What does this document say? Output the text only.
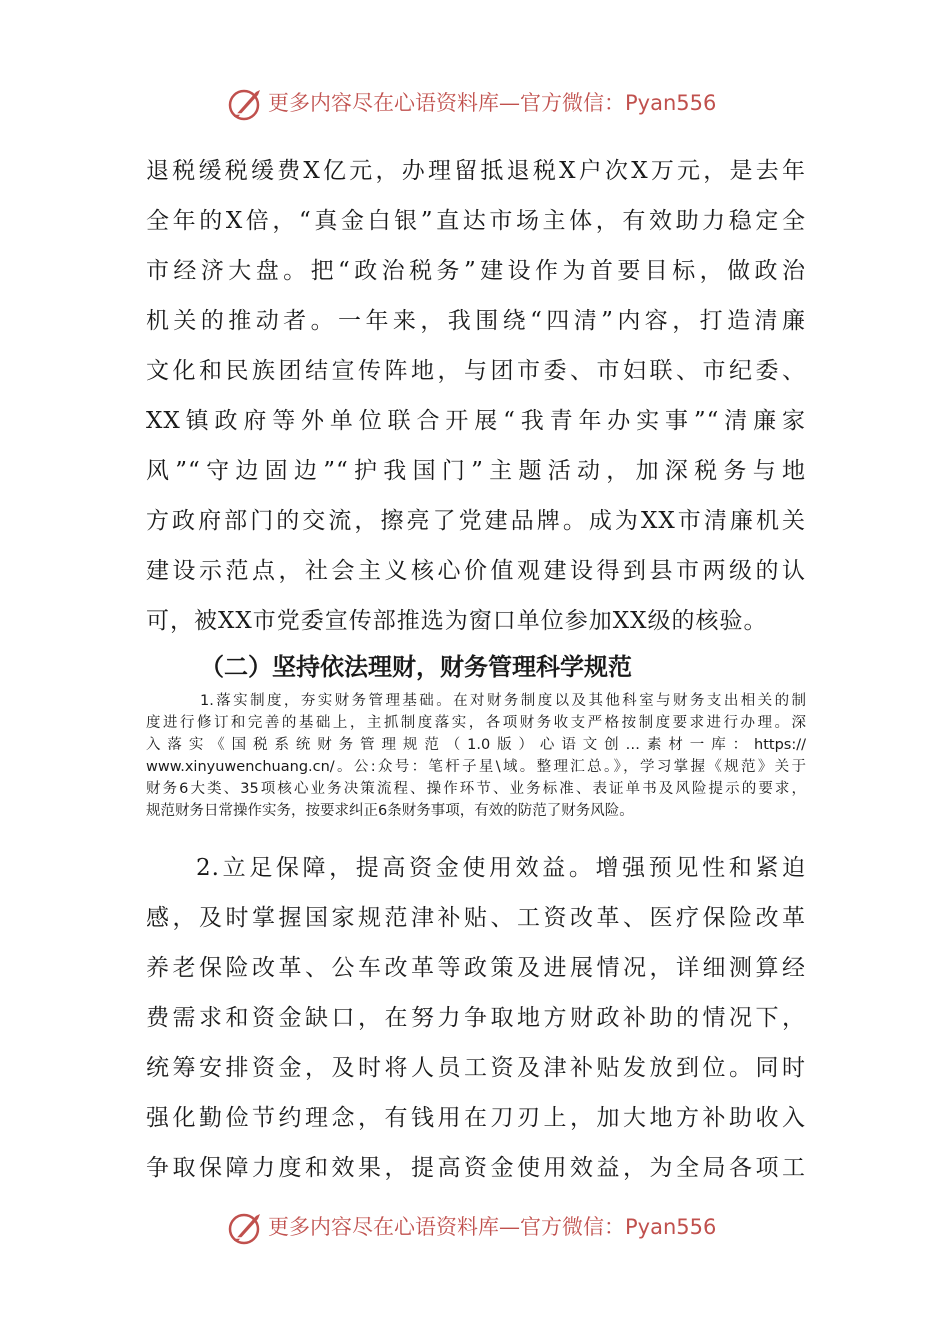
更多内容尽在心语资料库—官方微信：Pyan556
退税缓税缓费X亿元，办理留抵退税X户次X万元，是去年
全年的X倍，“真金白银”直达市场主体，有效助力稳定全
市经济大盘。把“政治税务”建设作为首要目标，做政治
机关的推动者。一年来，我围绕“四清”内容，打造清廉
文化和民族团结宣传阵地，与团市委、市妇联、市纪委、
XX镇政府等外单位联合开展“我青年办实事”“清廉家
风”“守边固边”“护我国门”主题活动，加深税务与地
方政府部门的交流，擦亮了党建品牌。成为XX市清廉机关
建设示范点，社会主义核心价值观建设得到县市两级的认
可，被XX市党委宣传部推选为窗口单位参加XX级的核验。
（二）坚持依法理财，财务管理科学规范
1.落实制度，夯实财务管理基础。在对财务制度以及其他科室与财务支出相关的制
度进行修订和完善的基础上，主抓制度落实，各项财务收支严格按制度要求进行办理。深
入落实《国税系统财务管理规范（1.0版）心语文创…素材一库：https://
www.xinyuwenchuang.cn/。公:众号：笔杆子星\域。整理汇总。》，学习掌握《规范》关于
财务6大类、35项核心业务决策流程、操作环节、业务标准、表证单书及风险提示的要求，
规范财务日常操作实务，按要求纠正6条财务事项，有效的防范了财务风险。
2.立足保障，提高资金使用效益。增强预见性和紧迫
感，及时掌握国家规范津补贴、工资改革、医疗保险改革
养老保险改革、公车改革等政策及进展情况，详细测算经
费需求和资金缺口，在努力争取地方财政补助的情况下，
统筹安排资金，及时将人员工资及津补贴发放到位。同时
强化勤俭节约理念，有钱用在刀刃上，加大地方补助收入
争取保障力度和效果，提高资金使用效益，为全局各项工
更多内容尽在心语资料库—官方微信：Pyan556
